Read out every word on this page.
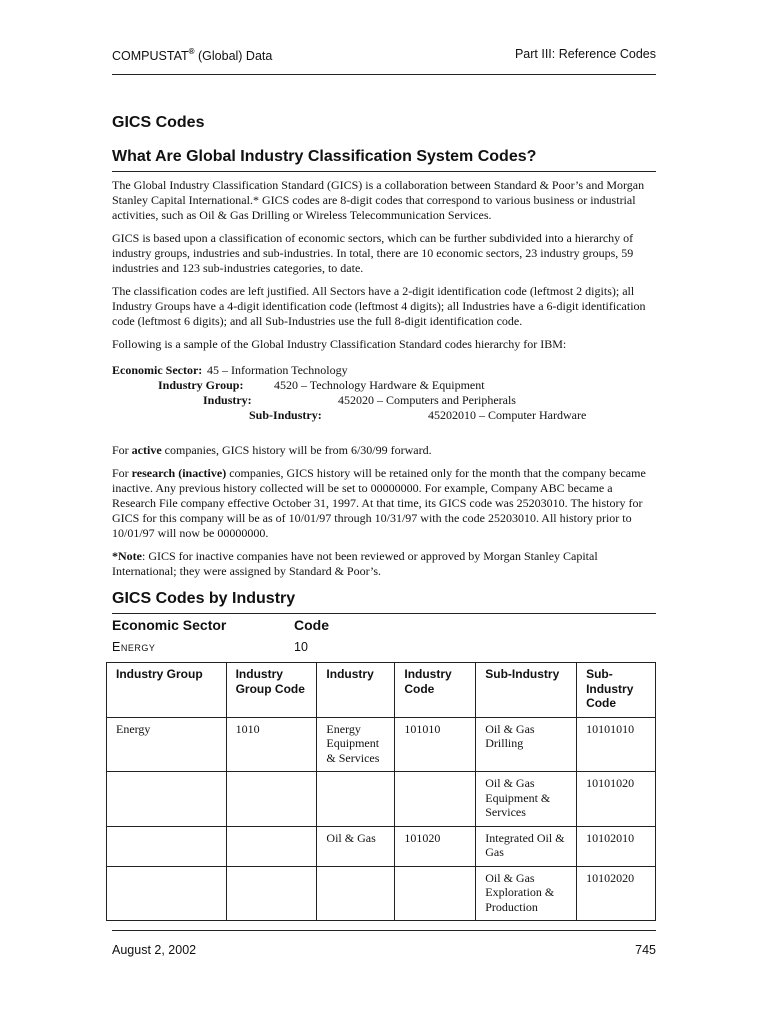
COMPUSTAT® (Global) Data	Part III: Reference Codes
GICS Codes
What Are Global Industry Classification System Codes?

The Global Industry Classification Standard (GICS) is a collaboration between Standard & Poor’s and Morgan Stanley Capital International.* GICS codes are 8-digit codes that correspond to various business or industrial activities, such as Oil & Gas Drilling or Wireless Telecommunication Services.

GICS is based upon a classification of economic sectors, which can be further subdivided into a hierarchy of industry groups, industries and sub-industries. In total, there are 10 economic sectors, 23 industry groups, 59 industries and 123 sub-industries categories, to date.

The classification codes are left justified. All Sectors have a 2-digit identification code (leftmost 2 digits); all Industry Groups have a 4-digit identification code (leftmost 4 digits); all Industries have a 6-digit identification code (leftmost 6 digits); and all Sub-Industries use the full 8-digit identification code.

Following is a sample of the Global Industry Classification Standard codes hierarchy for IBM:

Economic Sector: 45 – Information Technology
Industry Group:	4520 – Technology Hardware & Equipment
Industry:	452020 – Computers and Peripherals
Sub-Industry:	45202010 – Computer Hardware

For active companies, GICS history will be from 6/30/99 forward.

For research (inactive) companies, GICS history will be retained only for the month that the company became inactive. Any previous history collected will be set to 00000000. For example, Company ABC became a Research File company effective October 31, 1997. At that time, its GICS code was 25203010. The history for GICS for this company will be as of 10/01/97 through 10/31/97 with the code 25203010. All history prior to 10/01/97 will now be 00000000.

*Note: GICS for inactive companies have not been reviewed or approved by Morgan Stanley Capital International; they were assigned by Standard & Poor’s.

GICS Codes by Industry
Economic Sector	Code
Energy	10
Industry Group	Industry Group Code	Industry	Industry Code	Sub-Industry	Sub-Industry Code
Energy	1010	Energy Equipment & Services	101010	Oil & Gas Drilling	10101010
				Oil & Gas Equipment & Services	10101020
		Oil & Gas	101020	Integrated Oil & Gas	10102010
				Oil & Gas Exploration & Production	10102020
August 2, 2002	745
